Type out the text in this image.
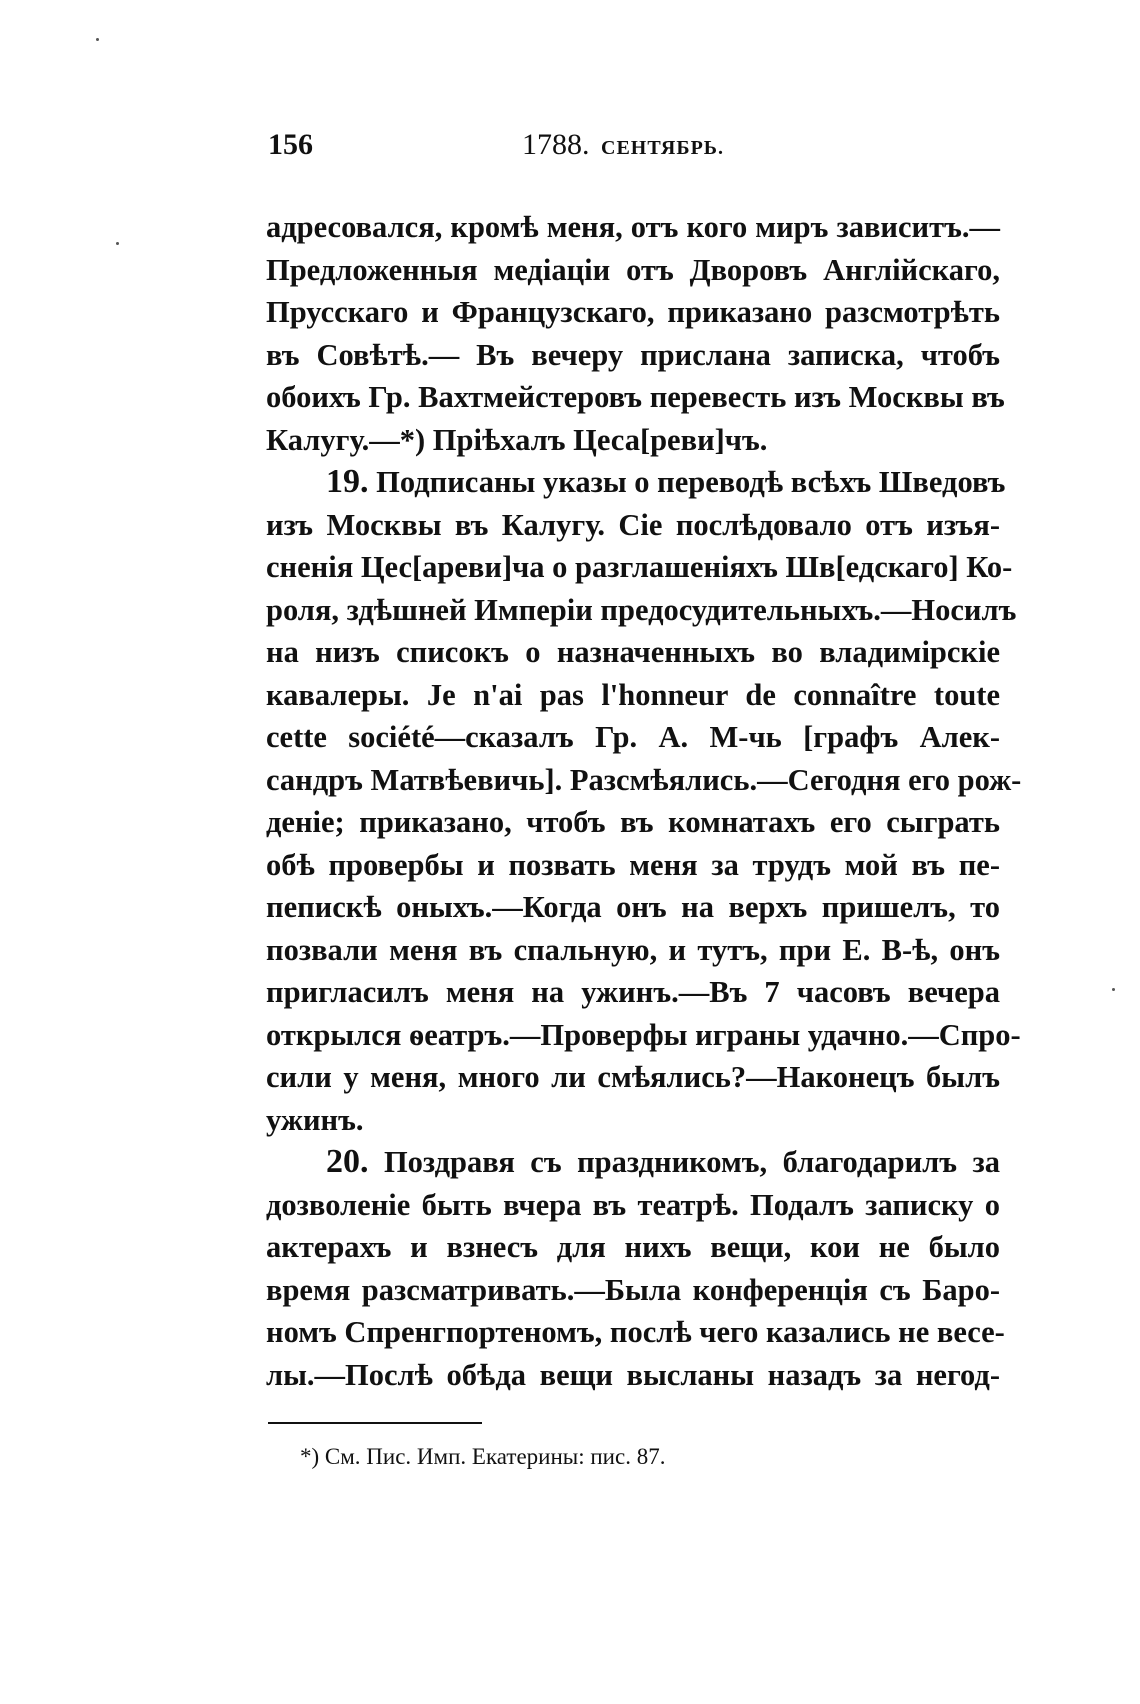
156	1788. СЕНТЯБРЬ.
адресовался, кромѣ меня, отъ кого миръ зависитъ.—
Предложенныя медіаціи отъ Дворовъ Англійскаго,
Прусскаго и Французскаго, приказано разсмотрѣть
въ Совѣтѣ.— Въ вечеру прислана записка, чтобъ
обоихъ Гр. Вахтмейстеровъ перевесть изъ Москвы въ
Калугу.—*) Пріѣхалъ Цеса[реви]чъ.
19. Подписаны указы о переводѣ всѣхъ Шведовъ
изъ Москвы въ Калугу. Сіе послѣдовало отъ изъя-
сненія Цес[ареви]ча о разглашеніяхъ Шв[едскаго] Ко-
роля, здѣшней Имперіи предосудительныхъ.—Носилъ
на низъ списокъ о назначенныхъ во владимірскіе
кавалеры. Je n'ai pas l'honneur de connaître toute
cette société—сказалъ Гр. А. М-чь [графъ Алек-
сандръ Матвѣевичь]. Разсмѣялись.—Сегодня его рож-
деніе; приказано, чтобъ въ комнатахъ его сыграть
обѣ провербы и позвать меня за трудъ мой въ пе-
пепискѣ оныхъ.—Когда онъ на верхъ пришелъ, то
позвали меня въ спальную, и тутъ, при Е. В-ѣ, онъ
пригласилъ меня на ужинъ.—Въ 7 часовъ вечера
открылся ѳеатръ.—Проверфы играны удачно.—Спро-
сили у меня, много ли смѣялись?—Наконецъ былъ
ужинъ.
20. Поздравя съ праздникомъ, благодарилъ за
дозволеніе быть вчера въ театрѣ. Подалъ записку о
актерахъ и взнесъ для нихъ вещи, кои не было
время разсматривать.—Была конференція съ Баро-
номъ Спренгпортеномъ, послѣ чего казались не весе-
лы.—Послѣ обѣда вещи высланы назадъ за негод-
*) См. Пис. Имп. Екатерины: пис. 87.
